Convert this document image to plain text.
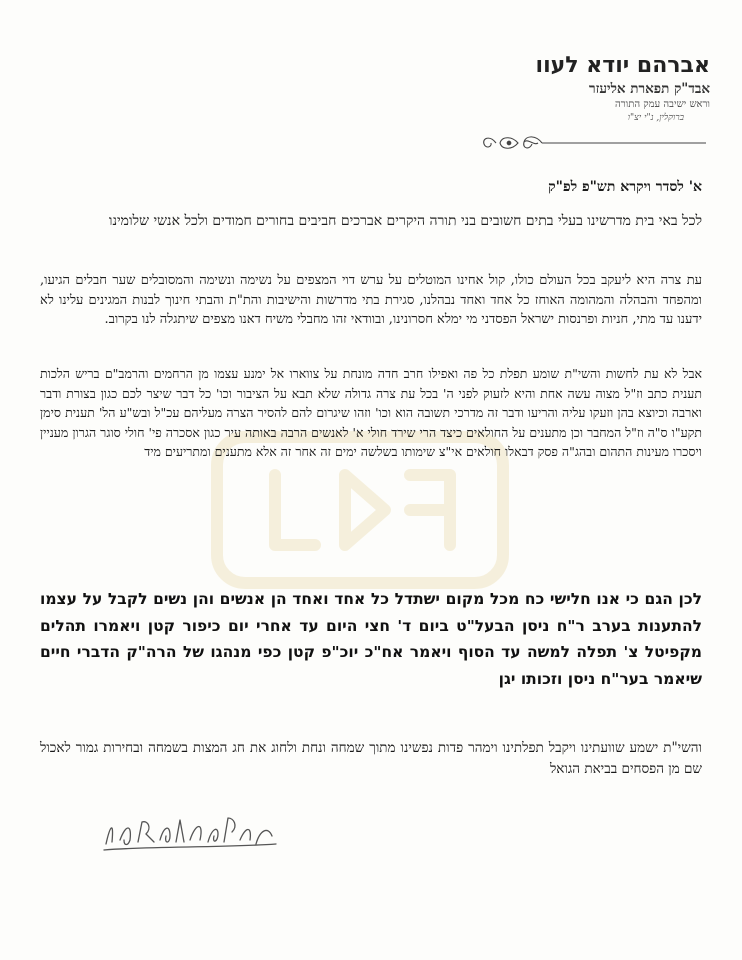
אברהם יודא לעוו
אבד"ק תפארת אליעזר
וראש ישיבה עמק התורה
ברוקלין, נ"י יצ"ו
א' לסדר ויקרא תש"פ לפ"ק
לכל באי בית מדרשינו בעלי בתים חשובים בני תורה היקרים אברכים חביבים בחורים חמודים ולכל אנשי שלומינו
עת צרה היא ליעקב בכל העולם כולו, קול אחינו המוטלים על ערש דוי המצפים על נשימה ונשימה והמסובלים שער חבלים הגיעו, ומהפחד והבהלה והמהומה האוחז כל אחד ואחד נבהלנו, סגירת בתי מדרשות והישיבות והת"ת והבתי חינוך לבנות המגינים עלינו לא ידענו עד מתי, חניות ופרנסות ישראל הפסדני מי ימלא חסרונינו, ובוודאי זהו מחבלי משיח דאנו מצפים שיתגלה לנו בקרוב.
אבל לא עת לחשות והשי"ת שומע תפלת כל פה ואפילו חרב חדה מונחת על צווארו אל ימנע עצמו מן הרחמים והרמב"ם בריש הלכות תענית כתב וז"ל מצוה עשה אחת והיא לזעוק לפני ה' בכל עת צרה גדולה שלא תבא על הציבור וכו' כל דבר שיצר לכם כגון בצורת ודבר וארבה וכיוצא בהן וזעקו עליה והריעו ודבר זה מדרכי תשובה הוא וכו' וזהו שיגרום להם להסיר הצרה מעליהם עכ"ל ובש"ע הל' תענית סימן תקע"ו ס"ה וז"ל המחבר וכן מתענים על החולאים כיצד הרי שירד חולי א' לאנשים הרבה באותה עיר כגון אסכרה פי' חולי סוגר הגרון מעניין ויסכרו מעינות התהום ובהג"ה פסק דבאלו חולאים אי"צ שימותו בשלשה ימים זה אחר זה אלא מתענים ומתריעים מיד
לכן הגם כי אנו חלישי כח מכל מקום ישתדל כל אחד ואחד הן אנשים והן נשים לקבל על עצמו להתענות בערב ר"ח ניסן הבעל"ט ביום ד' חצי היום עד אחרי יום כיפור קטן ויאמרו תהלים מקפיטל צ' תפלה למשה עד הסוף ויאמר אח"כ יוכ"פ קטן כפי מנהגו של הרה"ק הדברי חיים שיאמר בער"ח ניסן וזכותו יגן
והשי"ת ישמע שוועתינו ויקבל תפלתינו וימהר פדות נפשינו מתוך שמחה ונחת ולחוג את חג המצות בשמחה ובחירות גמור לאכול שם מן הפסחים בביאת הגואל
